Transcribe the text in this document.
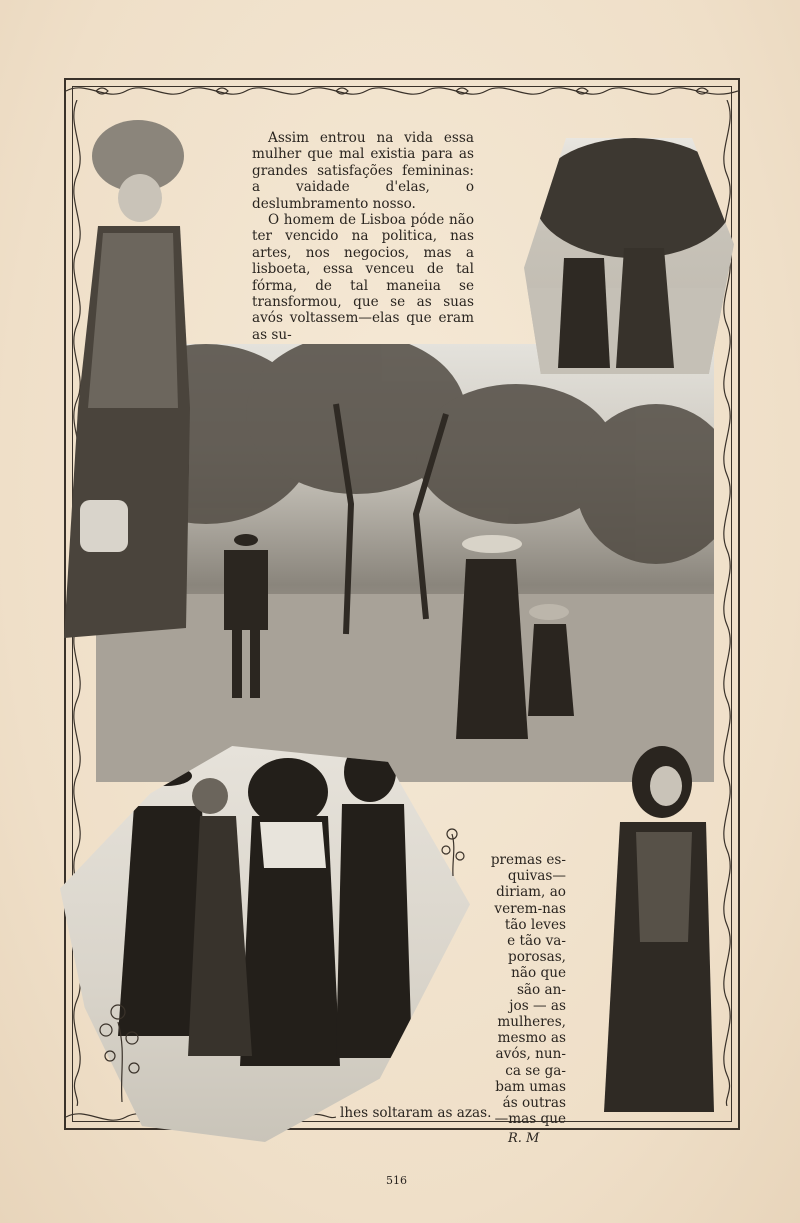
Assim entrou na vida essa mulher que mal existia para as grandes satisfações femininas: a vaidade d'elas, o deslumbramento nosso.

O homem de Lisboa póde não ter vencido na politica, nas artes, nos negocios, mas a lisboeta, essa venceu de tal fórma, de tal maneiıa se transformou, que se as suas avós voltassem—elas que eram as su-

premas es-
quivas—
diriam, ao
verem-nas
tão leves
e tão va-
porosas,
não que
são an-
jos — as
mulheres,
mesmo as
avós, nun-
ca se ga-
bam umas
ás outras
—mas que
lhes soltaram as azas.
R. M
516
